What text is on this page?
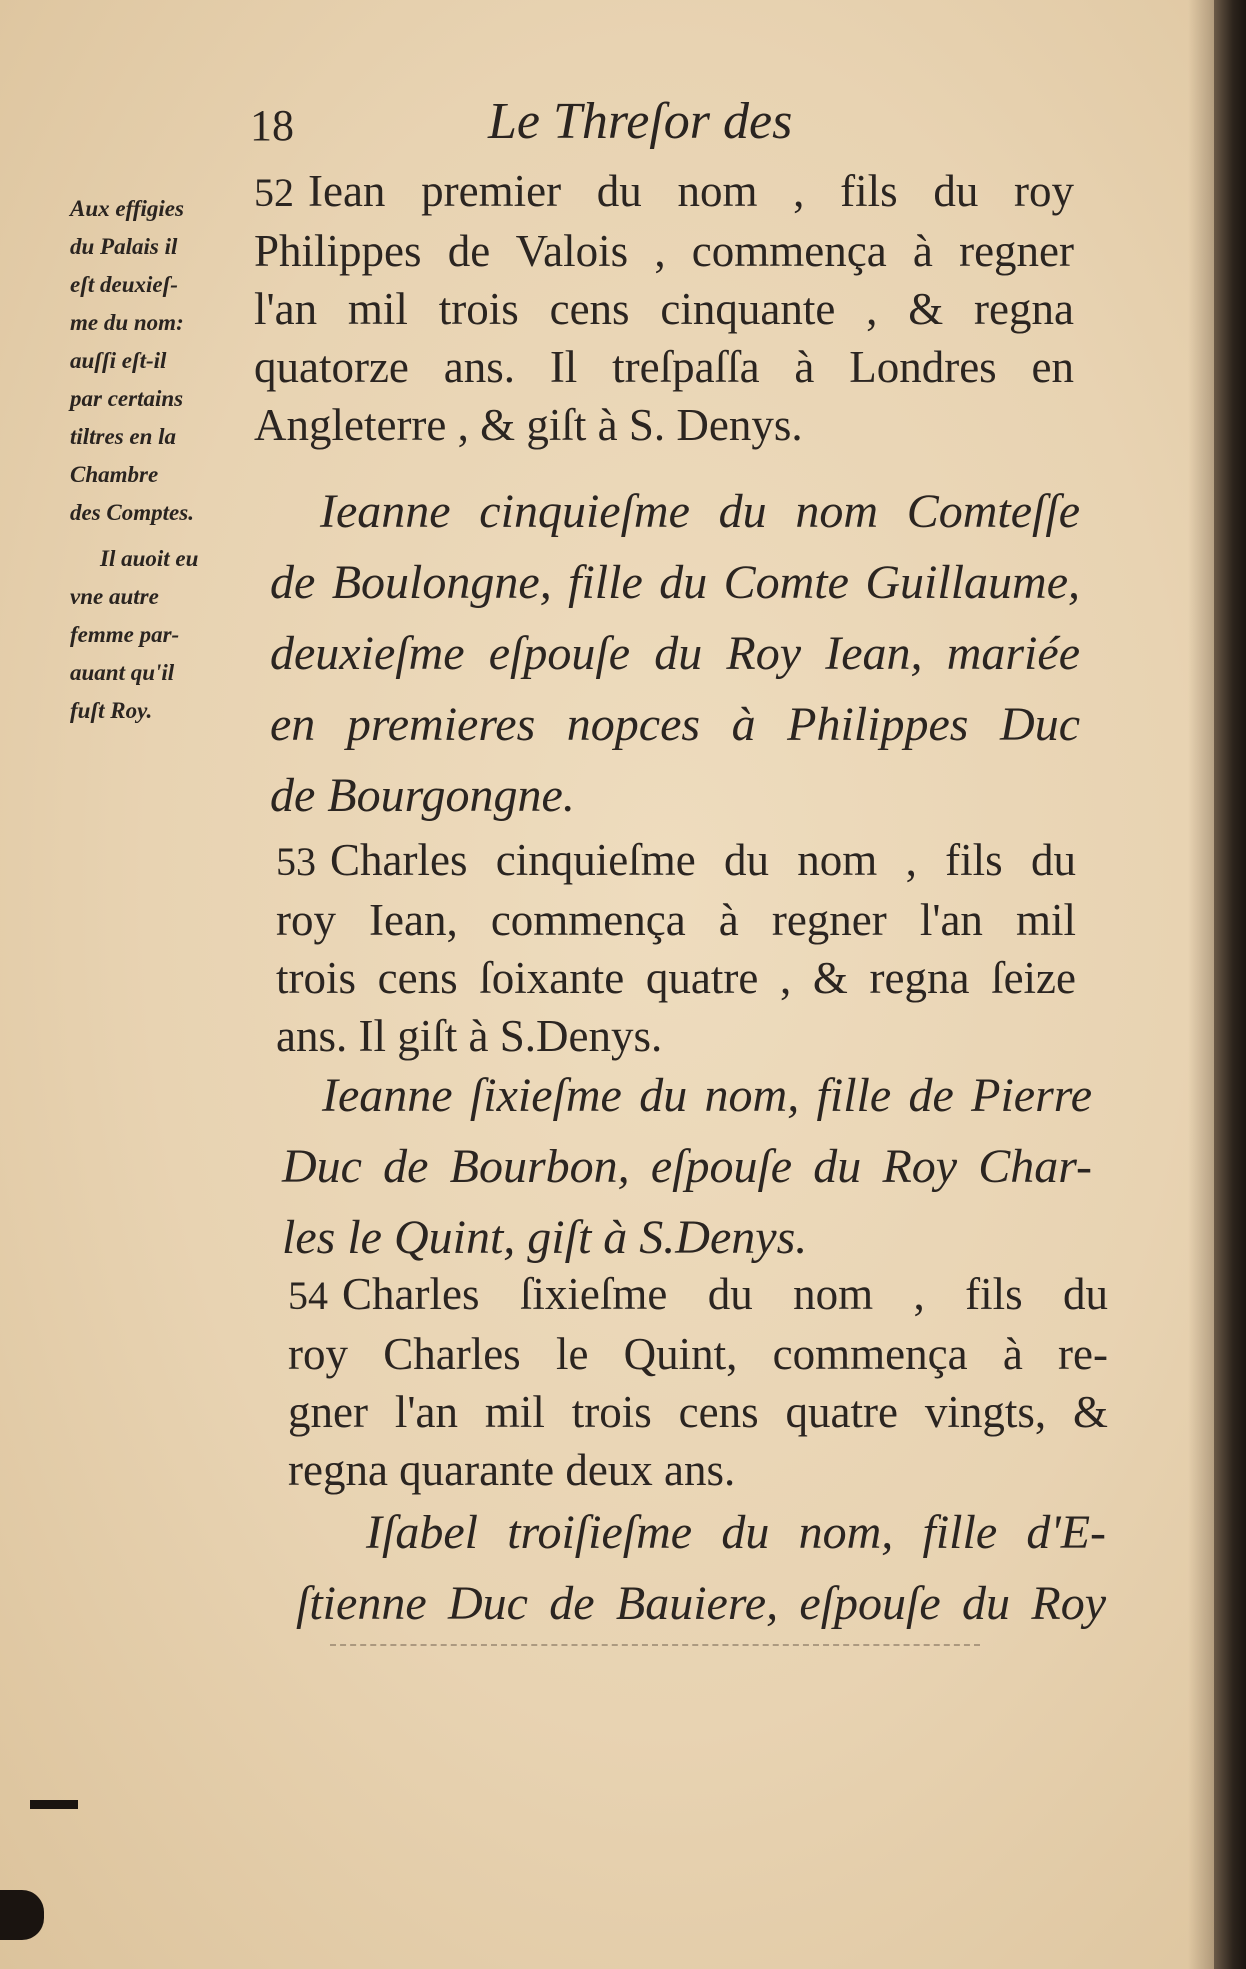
18	Le Threſor des
Aux effigies
du Palais il
eſt deuxieſ-
me du nom:
auſſi eſt-il
par certains
tiltres en la
Chambre
des Comptes.
Il auoit eu
vne autre
femme par-
auant qu'il
fuſt Roy.
52 Iean premier du nom , fils du roy
Philippes de Valois , commença à regner
l'an mil trois cens cinquante , & regna
quatorze ans. Il treſpaſſa à Londres en
Angleterre , & giſt à S. Denys.
Ieanne cinquieſme du nom Comteſſe
de Boulongne, fille du Comte Guillaume,
deuxieſme eſpouſe du Roy Iean, mariée
en premieres nopces à Philippes Duc
de Bourgongne.
53 Charles cinquieſme du nom , fils du
roy Iean, commença à regner l'an mil
trois cens ſoixante quatre , & regna ſeize
ans. Il giſt à S.Denys.
Ieanne ſixieſme du nom, fille de Pierre
Duc de Bourbon, eſpouſe du Roy Char-
les le Quint, giſt à S.Denys.
54 Charles ſixieſme du nom , fils du
roy Charles le Quint, commença à re-
gner l'an mil trois cens quatre vingts, &
regna quarante deux ans.
Iſabel troiſieſme du nom, fille d'E-
ſtienne Duc de Bauiere, eſpouſe du Roy
